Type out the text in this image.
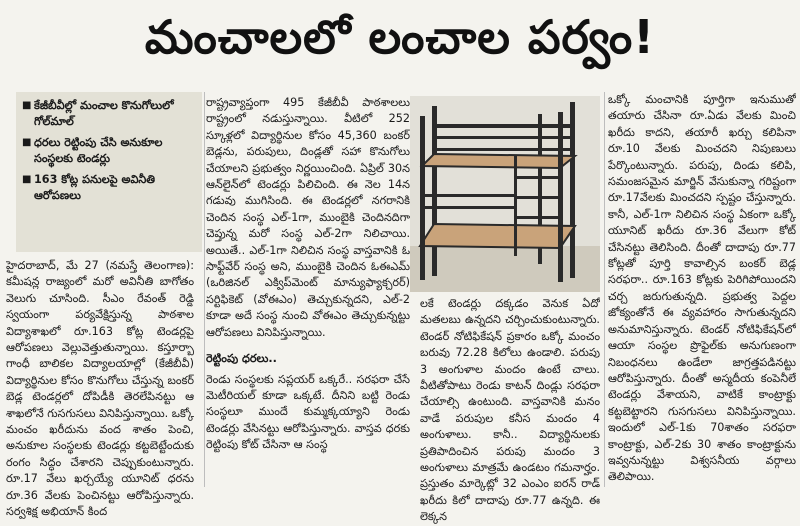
మంచాలలో లంచాల పర్వం!
■ కేజీబీవీల్లో మంచాల కొనుగోలులో గోల్‌మాల్
■ ధరలు రెట్టింపు చేసి అనుకూల సంస్థలకు టెండర్లు
■ 163 కోట్ల పనులపై అవినీతి ఆరోపణలు

హైదరాబాద్, మే 27 (నమస్తే తెలంగాణ): కమీషన్ల రాజ్యంలో మరో అవినీతి బాగోతం వెలుగు చూసింది. సీఎం రేవంత్ రెడ్డి స్వయంగా పర్యవేక్షిస్తున్న పాఠశాల విద్యాశాఖలో రూ.163 కోట్ల టెండర్లపై ఆరోపణలు వెల్లువెత్తుతున్నాయి. కస్తూర్బా గాంధీ బాలికల విద్యాలయాల్లో (కేజీబీవీ) విద్యార్థినుల కోసం కొనుగోలు చేస్తున్న బంకర్ బెడ్ల టెండర్లలో దోపిడీకి తెరలేపినట్టు ఆ శాఖలోనే గుసగుసలు వినిపిస్తున్నాయి. ఒక్కో మంచం ఖరీదును వంద శాతం పెంచి, అనుకూల సంస్థలకు టెండర్లు కట్టబెట్టేందుకు రంగం సిద్ధం చేశారని చెప్పుకుంటున్నారు. రూ.17 వేలు ఖర్చయ్యే యూనిట్ ధరను రూ.36 వేలకు పెంచినట్టు ఆరోపిస్తున్నారు. సర్వశిక్ష అభియాన్ కింద

రాష్ట్రవ్యాప్తంగా 495 కేజీబీవీ పాఠశాలలు రాష్ట్రంలో నడుస్తున్నాయి. వీటిలో 252 స్కూళ్లలో విద్యార్థినుల కోసం 45,360 బంకర్ బెడ్లను, పరుపులు, దిండ్లతో సహా కొనుగోలు చేయాలని ప్రభుత్వం నిర్ణయించింది. ఏప్రిల్ 30న ఆన్‌లైన్‌లో టెండర్లు పిలిచింది. ఈ నెల 14న గడువు ముగిసింది. ఈ టెండర్లలో నగరానికి చెందిన సంస్థ ఎల్-1గా, ముంబైకి చెందినదిగా చెప్తున్న మరో సంస్థ ఎల్-2గా నిలిచాయి. అయితే.. ఎల్-1గా నిలిచిన సంస్థ వాస్తవానికి ఓ సాఫ్ట్‌వేర్ సంస్థ అని, ముంబైకి చెందిన ఓఈఎమ్ (ఒరిజినల్ ఎక్విప్‌మెంట్ మాన్యుఫ్యాక్చరర్) సర్టిఫికెట్ (వోఈఎం) తెచ్చుకున్నదని, ఎల్-2 కూడా అదే సంస్థ నుంచి వోఈఎం తెచ్చుకున్నట్టు ఆరోపణలు వినిపిస్తున్నాయి.

రెట్టింపు ధరలు..

రెండు సంస్థలకు సప్లయర్ ఒక్కరే.. సరఫరా చేసే మెటీరియల్ కూడా ఒక్కటే. దీనిని బట్టి రెండు సంస్థలూ ముందే కుమ్మక్కయ్యాని రెండు టెండర్లు వేసినట్టు ఆరోపిస్తున్నారు. వాస్తవ ధరకు రెట్టింపు కోట్ చేసినా ఆ సంస్థ

లకే టెండర్లు దక్కడం వెనుక ఏదో మతలబు ఉన్నదని చర్చించుకుంటున్నారు. టెండర్ నోటిఫికేషన్ ప్రకారం ఒక్కో మంచం బరువు 72.28 కిలోలు ఉండాలి. పరుపు 3 అంగుళాల మందం ఉంటే చాలు. వీటితోపాటు రెండు కాటన్ దిండ్లు సరఫరా చేయాల్సి ఉంటుంది. వాస్తవానికి మనం వాడే పరుపుల కనీస మందం 4 అంగుళాలు. కానీ.. విద్యార్థినులకు ప్రతిపాదించిన పరుపు మందం 3 అంగుళాలు మాత్రమే ఉండటం గమనార్హం. ప్రస్తుతం మార్కెట్లో 32 ఎంఎం ఐరన్ రాడ్ ఖరీదు కిలో దాదాపు రూ.77 ఉన్నది. ఈ లెక్కన

ఒక్కో మంచానికి పూర్తిగా ఇనుముతో తయారు చేసినా రూ.ఏడు వేలకు మించి ఖరీదు కాదని, తయారీ ఖర్చు కలిపినా రూ.10 వేలకు మించదని నిపుణులు పేర్కొంటున్నారు. పరుపు, దిండు కలిపి, సమంజసమైన మార్జిన్ వేసుకున్నా గరిష్టంగా రూ.17వేలకు మించదని స్పష్టం చేస్తున్నారు. కానీ, ఎల్-1గా నిలిచిన సంస్థ ఏకంగా ఒక్కో యూనిట్ ఖరీదు రూ.36 వేలుగా కోట్ చేసినట్టు తెలిసింది. దీంతో దాదాపు రూ.77 కోట్లతో పూర్తి కావాల్సిన బంకర్ బెడ్ల సరఫరా.. రూ.163 కోట్లకు పెరిగిపోయిందని చర్చ జరుగుతున్నది. ప్రభుత్వ పెద్దల జోక్యంతోనే ఈ వ్యవహారం సాగుతున్నదని అనుమానిస్తున్నారు. టెండర్ నోటిఫికేషన్‌లో ఆయా సంస్థల ప్రొఫైల్‌కు అనుగుణంగా నిబంధనలు ఉండేలా జాగ్రత్తపడినట్టు ఆరోపిస్తున్నారు. దీంతో అస్మదీయ కంపెనీలే టెండర్లు వేశాయని, వాటికే కాంట్రాక్టు కట్టబెట్టారని గుసగుసలు వినిపిస్తున్నాయి. ఇందులో ఎల్-1కు 70శాతం సరఫరా కాంట్రాక్టు, ఎల్-2కు 30 శాతం కాంట్రాక్టును ఇవ్వనున్నట్టు విశ్వసనీయ వర్గాలు తెలిపాయి.
